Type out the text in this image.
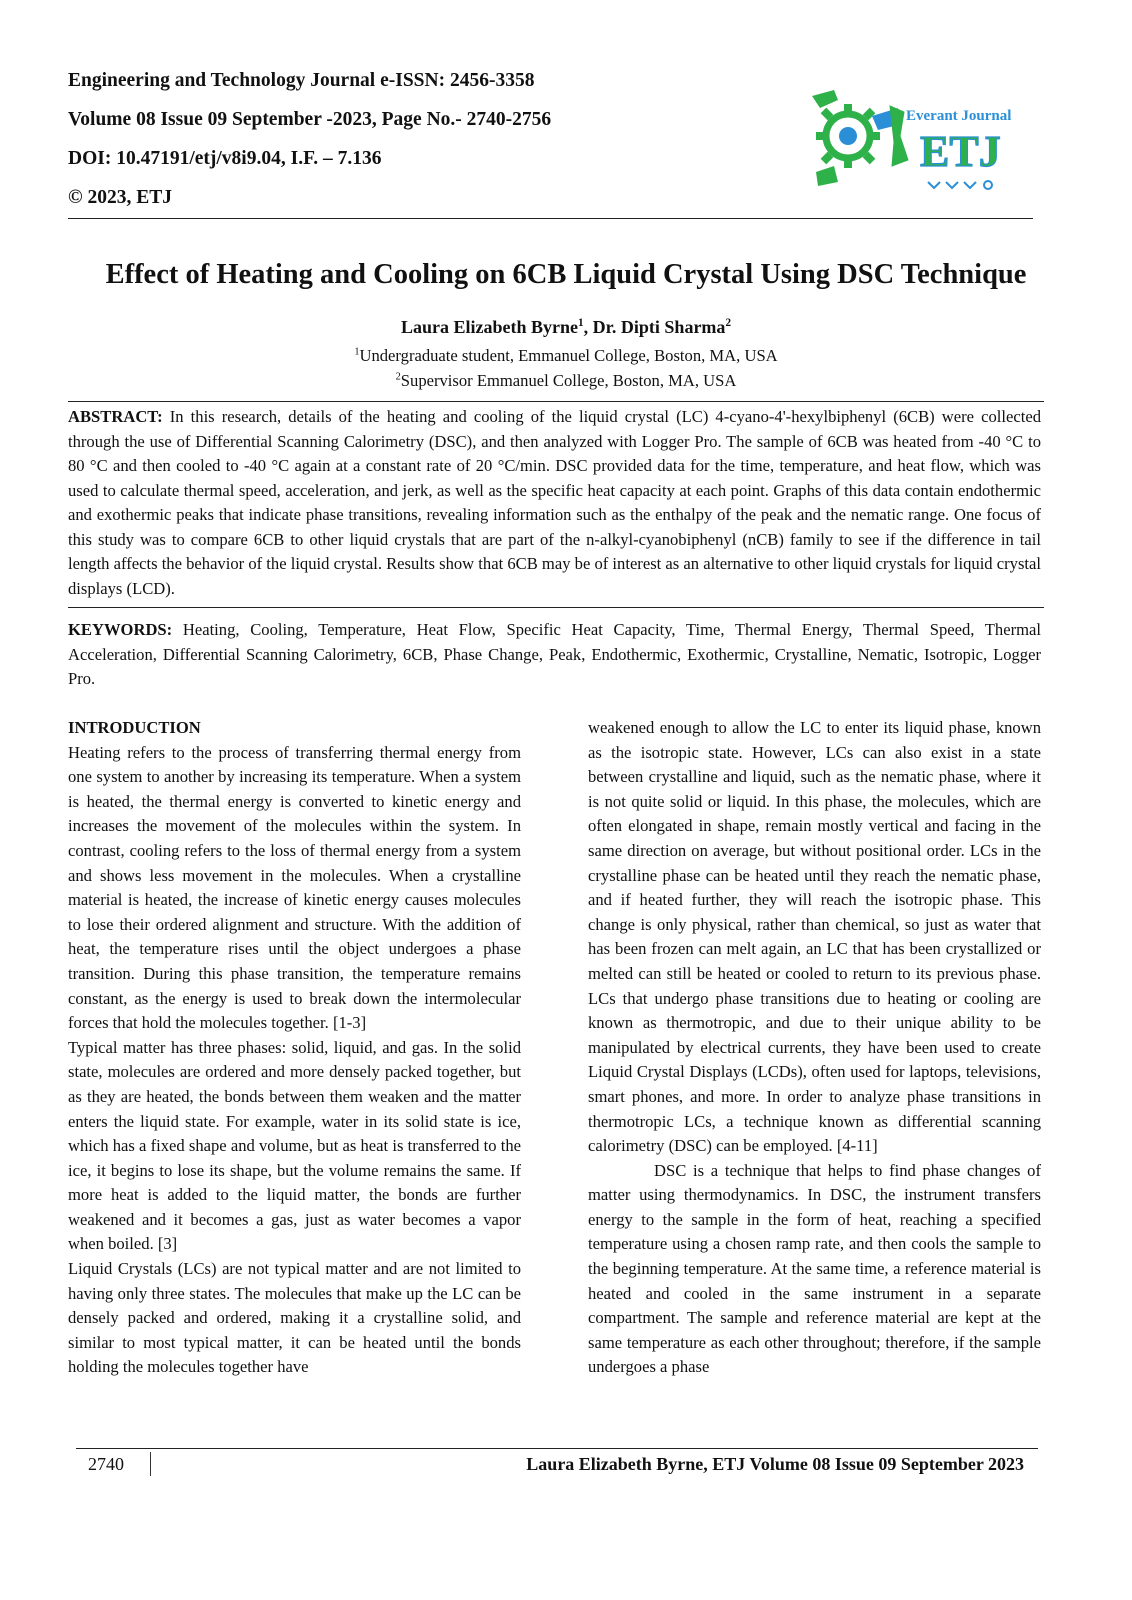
Engineering and Technology Journal e-ISSN: 2456-3358
Volume 08 Issue 09 September -2023, Page No.- 2740-2756
DOI: 10.47191/etj/v8i9.04, I.F. – 7.136
© 2023, ETJ
Everant Journal
ETJ
Effect of Heating and Cooling on 6CB Liquid Crystal Using DSC Technique
Laura Elizabeth Byrne$^1$, Dr. Dipti Sharma$^2$
$^1$Undergraduate student, Emmanuel College, Boston, MA, USA
$^2$Supervisor Emmanuel College, Boston, MA, USA
ABSTRACT: In this research, details of the heating and cooling of the liquid crystal (LC) 4-cyano-4'-hexylbiphenyl (6CB) were collected through the use of Differential Scanning Calorimetry (DSC), and then analyzed with Logger Pro. The sample of 6CB was heated from -40 °C to 80 °C and then cooled to -40 °C again at a constant rate of 20 °C/min. DSC provided data for the time, temperature, and heat flow, which was used to calculate thermal speed, acceleration, and jerk, as well as the specific heat capacity at each point. Graphs of this data contain endothermic and exothermic peaks that indicate phase transitions, revealing information such as the enthalpy of the peak and the nematic range. One focus of this study was to compare 6CB to other liquid crystals that are part of the n-alkyl-cyanobiphenyl (nCB) family to see if the difference in tail length affects the behavior of the liquid crystal. Results show that 6CB may be of interest as an alternative to other liquid crystals for liquid crystal displays (LCD).
KEYWORDS: Heating, Cooling, Temperature, Heat Flow, Specific Heat Capacity, Time, Thermal Energy, Thermal Speed, Thermal Acceleration, Differential Scanning Calorimetry, 6CB, Phase Change, Peak, Endothermic, Exothermic, Crystalline, Nematic, Isotropic, Logger Pro.

INTRODUCTION

Heating refers to the process of transferring thermal energy from one system to another by increasing its temperature. When a system is heated, the thermal energy is converted to kinetic energy and increases the movement of the molecules within the system. In contrast, cooling refers to the loss of thermal energy from a system and shows less movement in the molecules. When a crystalline material is heated, the increase of kinetic energy causes molecules to lose their ordered alignment and structure. With the addition of heat, the temperature rises until the object undergoes a phase transition. During this phase transition, the temperature remains constant, as the energy is used to break down the intermolecular forces that hold the molecules together. [1-3]

Typical matter has three phases: solid, liquid, and gas. In the solid state, molecules are ordered and more densely packed together, but as they are heated, the bonds between them weaken and the matter enters the liquid state. For example, water in its solid state is ice, which has a fixed shape and volume, but as heat is transferred to the ice, it begins to lose its shape, but the volume remains the same. If more heat is added to the liquid matter, the bonds are further weakened and it becomes a gas, just as water becomes a vapor when boiled. [3]

Liquid Crystals (LCs) are not typical matter and are not limited to having only three states. The molecules that make up the LC can be densely packed and ordered, making it a crystalline solid, and similar to most typical matter, it can be heated until the bonds holding the molecules together have

weakened enough to allow the LC to enter its liquid phase, known as the isotropic state. However, LCs can also exist in a state between crystalline and liquid, such as the nematic phase, where it is not quite solid or liquid. In this phase, the molecules, which are often elongated in shape, remain mostly vertical and facing in the same direction on average, but without positional order. LCs in the crystalline phase can be heated until they reach the nematic phase, and if heated further, they will reach the isotropic phase. This change is only physical, rather than chemical, so just as water that has been frozen can melt again, an LC that has been crystallized or melted can still be heated or cooled to return to its previous phase. LCs that undergo phase transitions due to heating or cooling are known as thermotropic, and due to their unique ability to be manipulated by electrical currents, they have been used to create Liquid Crystal Displays (LCDs), often used for laptops, televisions, smart phones, and more. In order to analyze phase transitions in thermotropic LCs, a technique known as differential scanning calorimetry (DSC) can be employed. [4-11]

DSC is a technique that helps to find phase changes of matter using thermodynamics. In DSC, the instrument transfers energy to the sample in the form of heat, reaching a specified temperature using a chosen ramp rate, and then cools the sample to the beginning temperature. At the same time, a reference material is heated and cooled in the same instrument in a separate compartment. The sample and reference material are kept at the same temperature as each other throughout; therefore, if the sample undergoes a phase

2740	Laura Elizabeth Byrne, ETJ Volume 08 Issue 09 September 2023
